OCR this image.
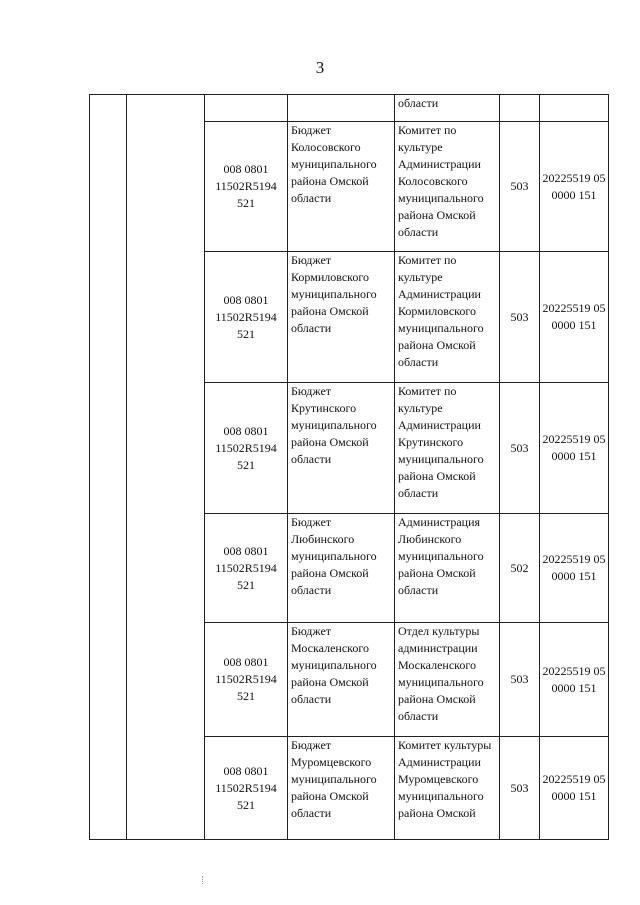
3
				области		
		008 0801 11502R5194 521	Бюджет Колосовского муниципального района Омской области	Комитет по культуре Администрации Колосовского муниципального района Омской области	503	20225519 05 0000 151
		008 0801 11502R5194 521	Бюджет Кормиловского муниципального района Омской области	Комитет по культуре Администрации Кормиловского муниципального района Омской области	503	20225519 05 0000 151
		008 0801 11502R5194 521	Бюджет Крутинского муниципального района Омской области	Комитет по культуре Администрации Крутинского муниципального района Омской области	503	20225519 05 0000 151
		008 0801 11502R5194 521	Бюджет Любинского муниципального района Омской области	Администрация Любинского муниципального района Омской области	502	20225519 05 0000 151
		008 0801 11502R5194 521	Бюджет Москаленского муниципального района Омской области	Отдел культуры администрации Москаленского муниципального района Омской области	503	20225519 05 0000 151
		008 0801 11502R5194 521	Бюджет Муромцевского муниципального района Омской области	Комитет культуры Администрации Муромцевского муниципального района Омской	503	20225519 05 0000 151
